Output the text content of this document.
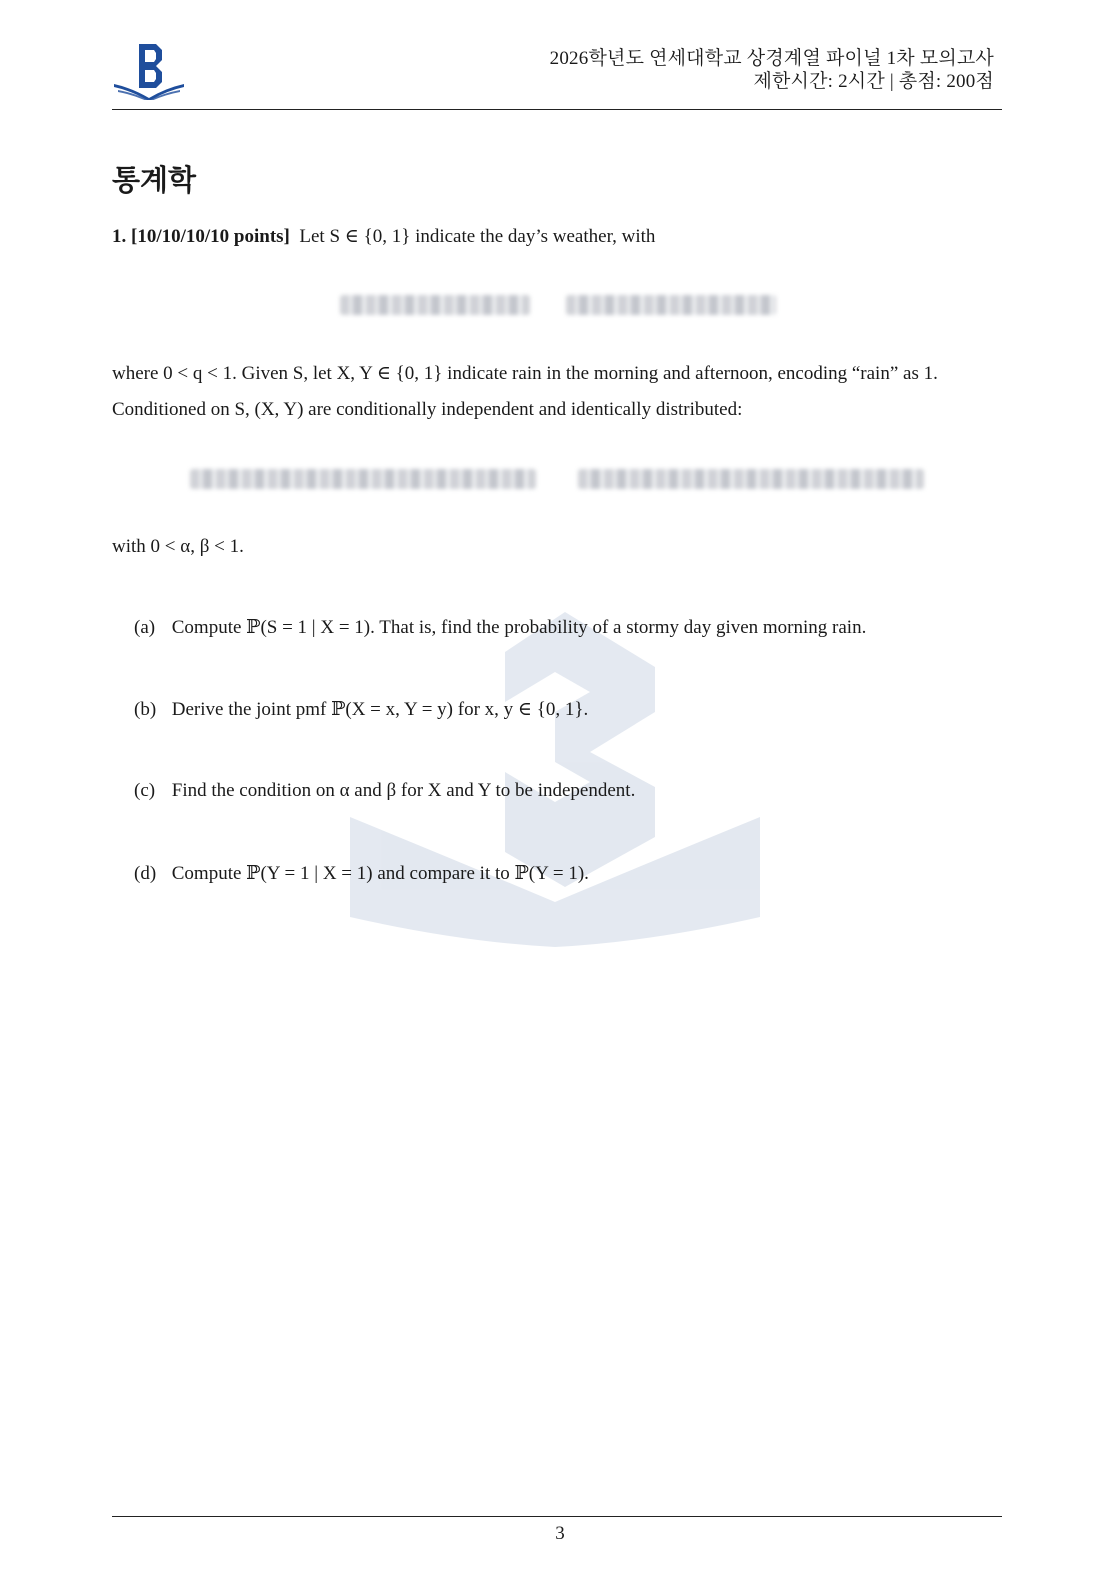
2026학년도 연세대학교 상경계열 파이널 1차 모의고사
제한시간: 2시간 | 총점: 200점
통계학
1. [10/10/10/10 points] Let S ∈ {0, 1} indicate the day’s weather, with
where 0 < q < 1. Given S, let X, Y ∈ {0, 1} indicate rain in the morning and afternoon, encoding “rain” as 1.
Conditioned on S, (X, Y) are conditionally independent and identically distributed:
with 0 < α, β < 1.
(a) Compute ℙ(S = 1 | X = 1). That is, find the probability of a stormy day given morning rain.
(b) Derive the joint pmf ℙ(X = x, Y = y) for x, y ∈ {0, 1}.
(c) Find the condition on α and β for X and Y to be independent.
(d) Compute ℙ(Y = 1 | X = 1) and compare it to ℙ(Y = 1).
3
